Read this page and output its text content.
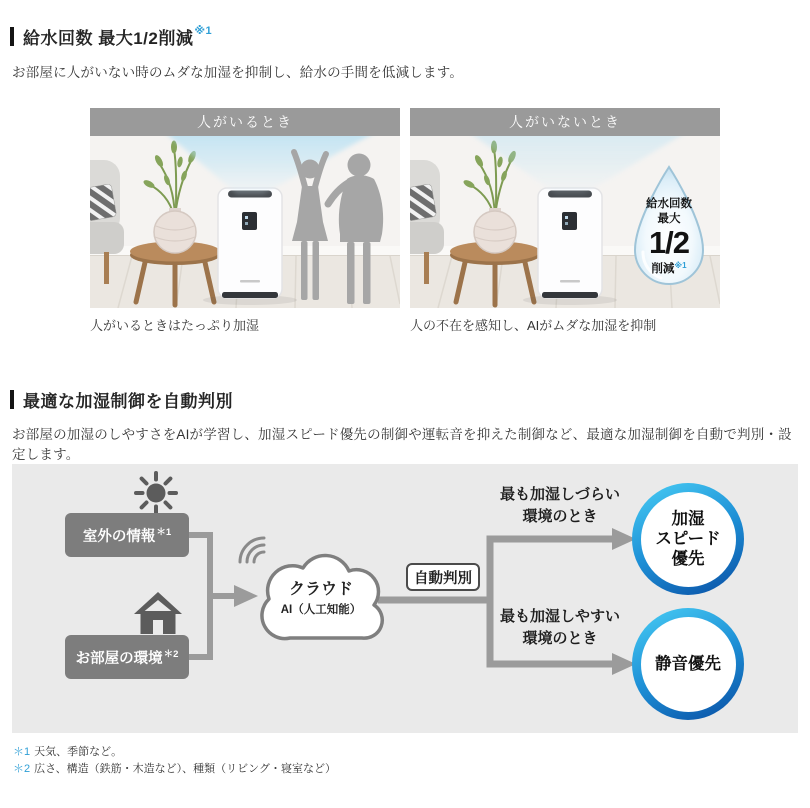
給水回数 最大1/2削減 ※1

お部屋に人がいない時のムダな加湿を抑制し、給水の手間を低減します。

人がいるとき
人がいるときはたっぷり加湿
人がいないとき
給水回数
最大
1/2
削減$^{※1}$
人の不在を感知し、AIがムダな加湿を抑制
最適な加湿制御を自動判別

お部屋の加湿のしやすさをAIが学習し、加湿スピード優先の制御や運転音を抑えた制御など、最適な加湿制御を自動で判別・設定します。

室外の情報 ＊1
お部屋の環境 ＊2
クラウド
AI（人工知能）
自動判別
最も加湿しづらい
環境のとき
最も加湿しやすい
環境のとき
加湿
スピード
優先
静音優先
＊1 天気、季節など。
＊2 広さ、構造（鉄筋・木造など）、種類（リビング・寝室など）
